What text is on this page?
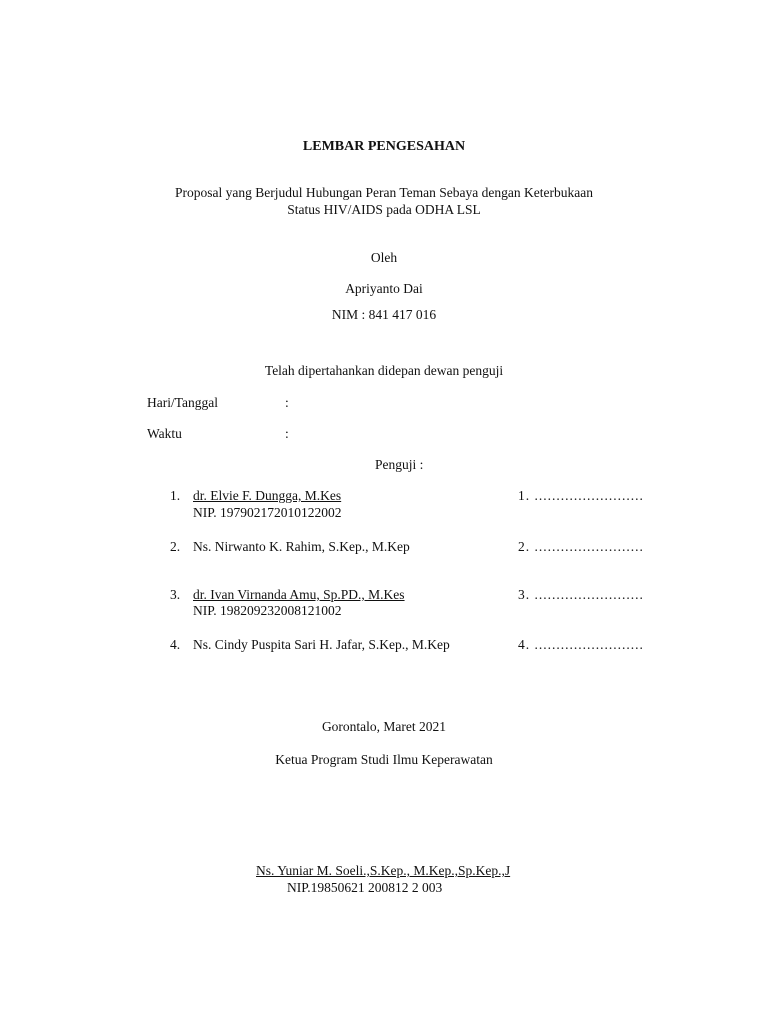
LEMBAR PENGESAHAN
Proposal yang Berjudul Hubungan Peran Teman Sebaya dengan Keterbukaan
Status HIV/AIDS pada ODHA LSL
Oleh
Apriyanto Dai
NIM : 841 417 016
Telah dipertahankan didepan dewan penguji
Hari/Tanggal	:
Waktu	:
Penguji :
1. dr. Elvie F. Dungga, M.Kes
NIP. 197902172010122002
1. .........................
2. Ns. Nirwanto K. Rahim, S.Kep., M.Kep	2. .........................
3. dr. Ivan Virnanda Amu, Sp.PD., M.Kes
NIP. 198209232008121002
3. .........................
4. Ns. Cindy Puspita Sari H. Jafar, S.Kep., M.Kep	4. .........................
Gorontalo, Maret 2021
Ketua Program Studi Ilmu Keperawatan
Ns. Yuniar M. Soeli.,S.Kep., M.Kep.,Sp.Kep.,J
NIP.19850621 200812 2 003
